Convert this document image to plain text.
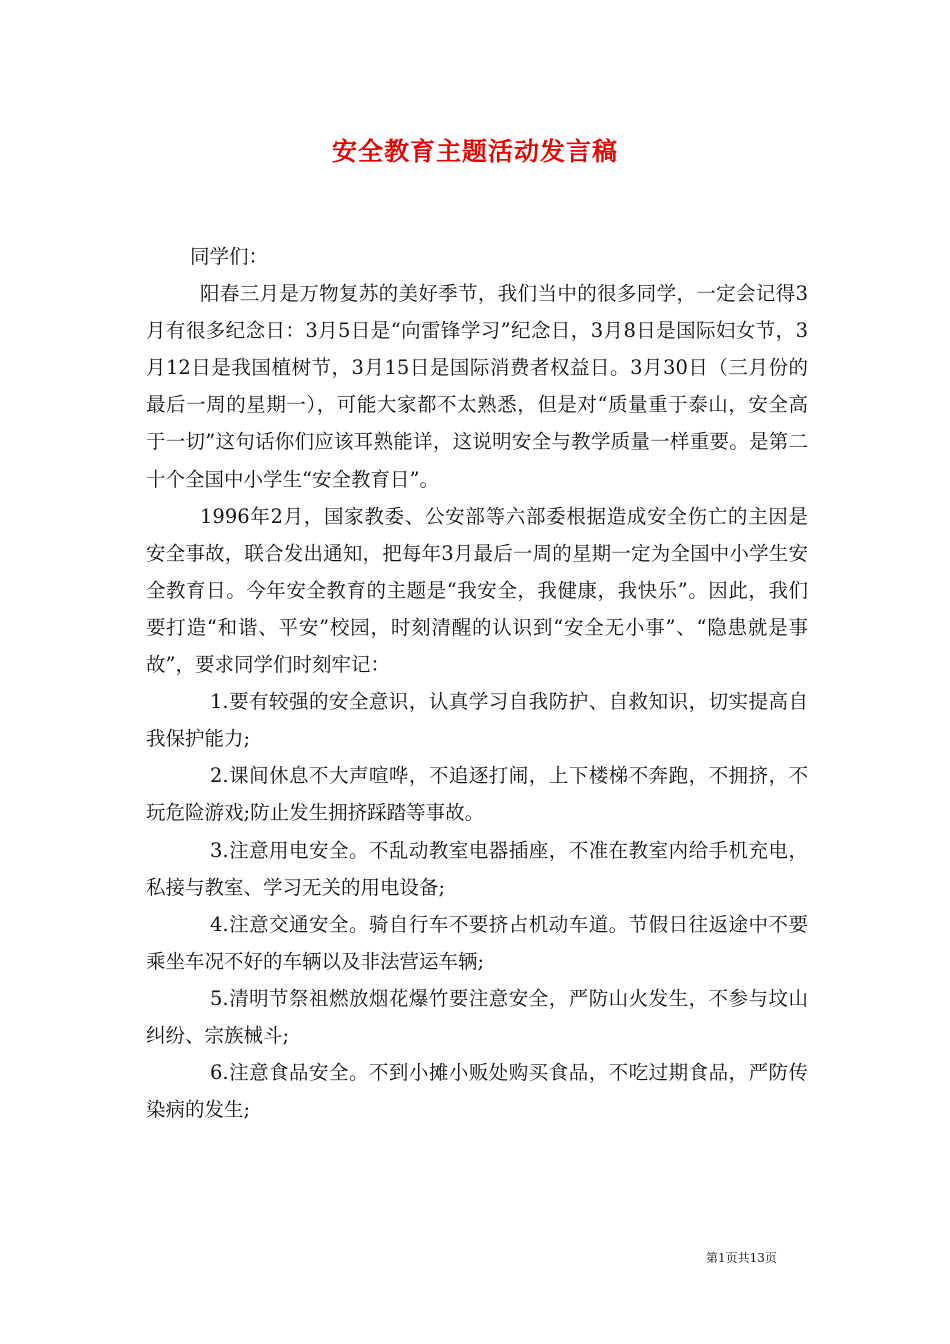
安全教育主题活动发言稿

同学们：

阳春三月是万物复苏的美好季节，我们当中的很多同学，一定会记得3月有很多纪念日：3月5日是“向雷锋学习”纪念日，3月8日是国际妇女节，3月12日是我国植树节，3月15日是国际消费者权益日。3月30日（三月份的最后一周的星期一），可能大家都不太熟悉，但是对“质量重于泰山，安全高于一切”这句话你们应该耳熟能详，这说明安全与教学质量一样重要。是第二十个全国中小学生“安全教育日”。

1996年2月，国家教委、公安部等六部委根据造成安全伤亡的主因是安全事故，联合发出通知，把每年3月最后一周的星期一定为全国中小学生安全教育日。今年安全教育的主题是“我安全，我健康，我快乐”。因此，我们要打造“和谐、平安”校园，时刻清醒的认识到“安全无小事”、“隐患就是事故”，要求同学们时刻牢记：

1.要有较强的安全意识，认真学习自我防护、自救知识，切实提高自我保护能力;

2.课间休息不大声喧哗，不追逐打闹，上下楼梯不奔跑，不拥挤，不玩危险游戏;防止发生拥挤踩踏等事故。

3.注意用电安全。不乱动教室电器插座，不准在教室内给手机充电，私接与教室、学习无关的用电设备;

4.注意交通安全。骑自行车不要挤占机动车道。节假日往返途中不要乘坐车况不好的车辆以及非法营运车辆;

5.清明节祭祖燃放烟花爆竹要注意安全，严防山火发生，不参与坟山纠纷、宗族械斗;

6.注意食品安全。不到小摊小贩处购买食品，不吃过期食品，严防传染病的发生;

第1页共13页
